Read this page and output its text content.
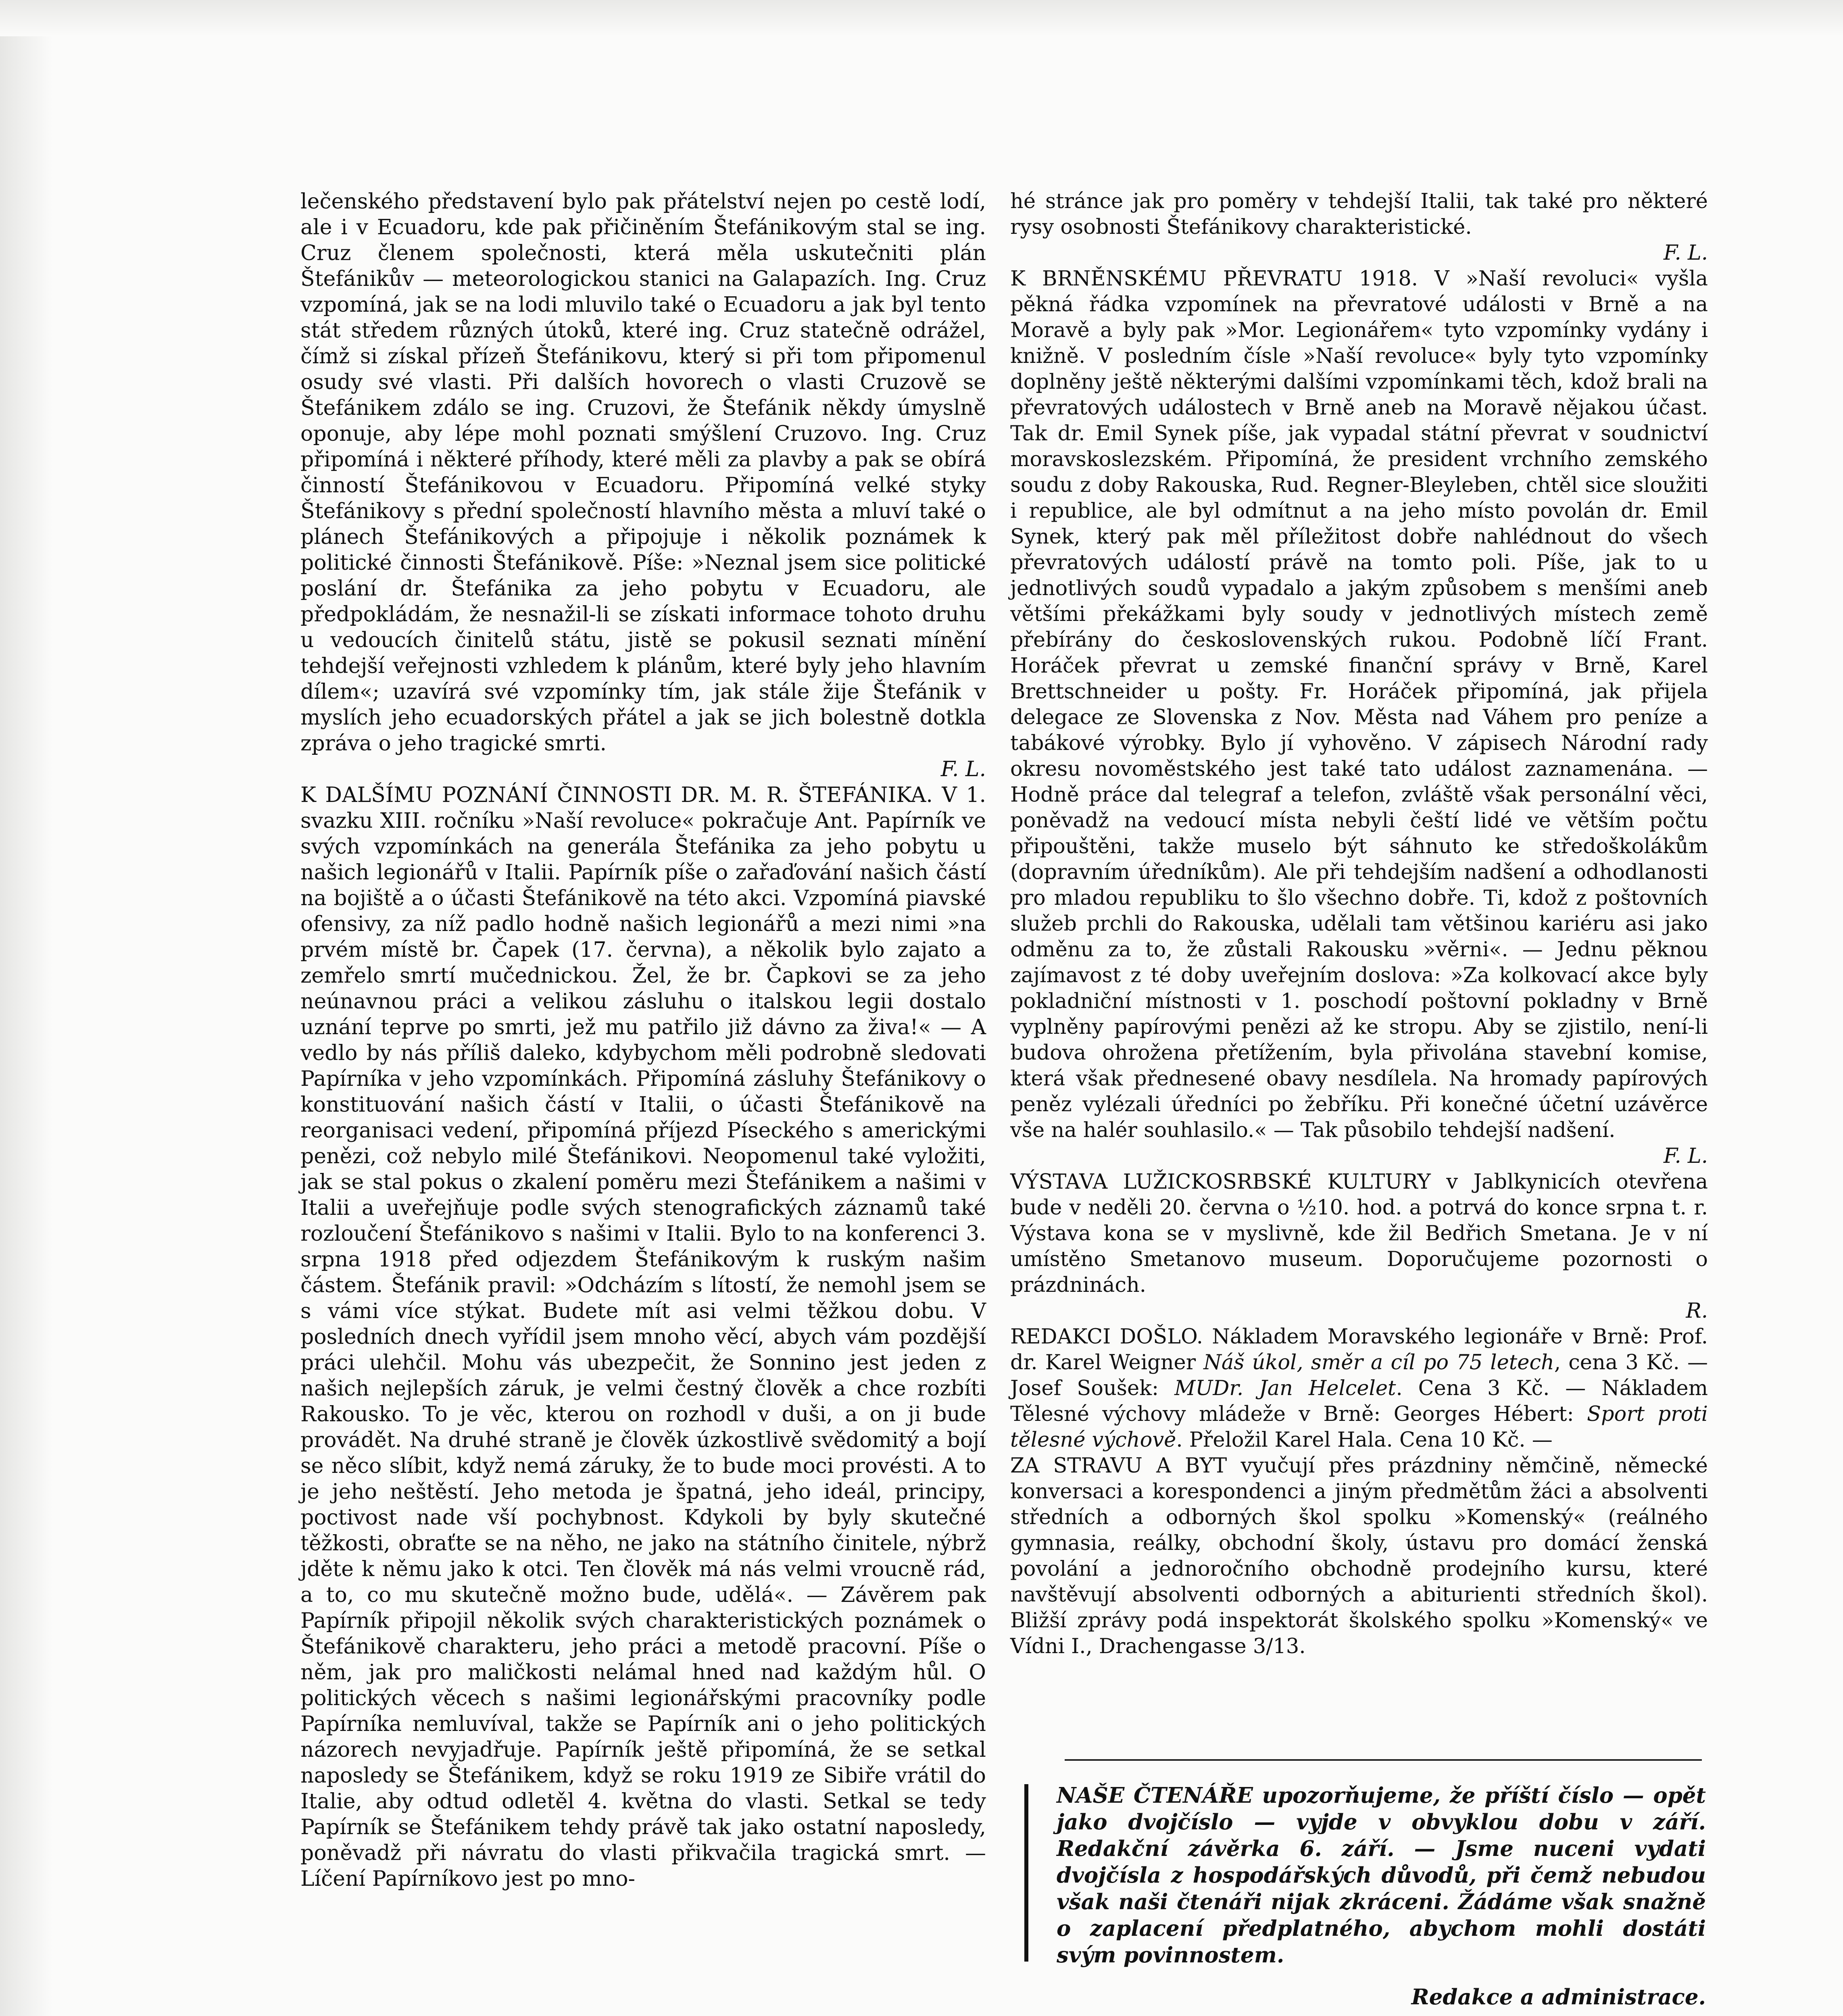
lečenského představení bylo pak přátelství nejen po cestě lodí, ale i v Ecuadoru, kde pak přičiněním Štefánikovým stal se ing. Cruz členem společnosti, která měla uskutečniti plán Štefánikův — meteorologickou stanici na Galapazích. Ing. Cruz vzpomíná, jak se na lodi mluvilo také o Ecuadoru a jak byl tento stát středem různých útoků, které ing. Cruz statečně odrážel, čímž si získal přízeň Štefánikovu, který si při tom připomenul osudy své vlasti. Při dalších hovorech o vlasti Cruzově se Štefánikem zdálo se ing. Cruzovi, že Štefánik někdy úmyslně oponuje, aby lépe mohl poznati smýšlení Cruzovo. Ing. Cruz připomíná i některé příhody, které měli za plavby a pak se obírá činností Štefánikovou v Ecuadoru. Připomíná velké styky Štefánikovy s přední společností hlavního města a mluví také o plánech Štefánikových a připojuje i několik poznámek k politické činnosti Štefánikově. Píše: »Neznal jsem sice politické poslání dr. Štefánika za jeho pobytu v Ecuadoru, ale předpokládám, že nesnažil-li se získati informace tohoto druhu u vedoucích činitelů státu, jistě se pokusil seznati mínění tehdejší veřejnosti vzhledem k plánům, které byly jeho hlavním dílem«; uzavírá své vzpomínky tím, jak stále žije Štefánik v myslích jeho ecuadorských přátel a jak se jich bolestně dotkla zpráva o jeho tragické smrti.
F. L.

K DALŠÍMU POZNÁNÍ ČINNOSTI DR. M. R. ŠTEFÁNIKA. V 1. svazku XIII. ročníku »Naší revoluce« pokračuje Ant. Papírník ve svých vzpomínkách na generála Štefánika za jeho pobytu u našich legionářů v Italii. Papírník píše o zařaďování našich částí na bojiště a o účasti Štefánikově na této akci. Vzpomíná piavské ofensivy, za níž padlo hodně našich legionářů a mezi nimi »na prvém místě br. Čapek (17. června), a několik bylo zajato a zemřelo smrtí mučednickou. Žel, že br. Čapkovi se za jeho neúnavnou práci a velikou zásluhu o italskou legii dostalo uznání teprve po smrti, jež mu patřilo již dávno za živa!« — A vedlo by nás příliš daleko, kdybychom měli podrobně sledovati Papírníka v jeho vzpomínkách. Připomíná zásluhy Štefánikovy o konstituování našich částí v Italii, o účasti Štefánikově na reorganisaci vedení, připomíná příjezd Píseckého s americkými penězi, což nebylo milé Štefánikovi. Neopomenul také vyložiti, jak se stal pokus o zkalení poměru mezi Štefánikem a našimi v Italii a uveřejňuje podle svých stenografických záznamů také rozloučení Štefánikovo s našimi v Italii. Bylo to na konferenci 3. srpna 1918 před odjezdem Štefánikovým k ruským našim částem. Štefánik pravil: »Odcházím s lítostí, že nemohl jsem se s vámi více stýkat. Budete mít asi velmi těžkou dobu. V posledních dnech vyřídil jsem mnoho věcí, abych vám pozdější práci ulehčil. Mohu vás ubezpečit, že Sonnino jest jeden z našich nejlepších záruk, je velmi čestný člověk a chce rozbíti Rakousko. To je věc, kterou on rozhodl v duši, a on ji bude provádět. Na druhé straně je člověk úzkostlivě svědomitý a bojí se něco slíbit, když nemá záruky, že to bude moci provésti. A to je jeho neštěstí. Jeho metoda je špatná, jeho ideál, principy, poctivost nade vší pochybnost. Kdykoli by byly skutečné těžkosti, obraťte se na něho, ne jako na státního činitele, nýbrž jděte k němu jako k otci. Ten člověk má nás velmi vroucně rád, a to, co mu skutečně možno bude, udělá«. — Závěrem pak Papírník připojil několik svých charakteristických poznámek o Štefánikově charakteru, jeho práci a metodě pracovní. Píše o něm, jak pro maličkosti nelámal hned nad každým hůl. O politických věcech s našimi legionářskými pracovníky podle Papírníka nemluvíval, takže se Papírník ani o jeho politických názorech nevyjadřuje. Papírník ještě připomíná, že se setkal naposledy se Štefánikem, když se roku 1919 ze Sibiře vrátil do Italie, aby odtud odletěl 4. května do vlasti. Setkal se tedy Papírník se Štefánikem tehdy právě tak jako ostatní naposledy, poněvadž při návratu do vlasti přikvačila tragická smrt. — Líčení Papírníkovo jest po mno-

hé stránce jak pro poměry v tehdejší Italii, tak také pro některé rysy osobnosti Štefánikovy charakteristické.
F. L.

K BRNĚNSKÉMU PŘEVRATU 1918. V »Naší revoluci« vyšla pěkná řádka vzpomínek na převratové události v Brně a na Moravě a byly pak »Mor. Legionářem« tyto vzpomínky vydány i knižně. V posledním čísle »Naší revoluce« byly tyto vzpomínky doplněny ještě některými dalšími vzpomínkami těch, kdož brali na převratových událostech v Brně aneb na Moravě nějakou účast. Tak dr. Emil Synek píše, jak vypadal státní převrat v soudnictví moravskoslezském. Připomíná, že president vrchního zemského soudu z doby Rakouska, Rud. Regner-Bleyleben, chtěl sice sloužiti i republice, ale byl odmítnut a na jeho místo povolán dr. Emil Synek, který pak měl příležitost dobře nahlédnout do všech převratových událostí právě na tomto poli. Píše, jak to u jednotlivých soudů vypadalo a jakým způsobem s menšími aneb většími překážkami byly soudy v jednotlivých místech země přebírány do československých rukou. Podobně líčí Frant. Horáček převrat u zemské finanční správy v Brně, Karel Brettschneider u pošty. Fr. Horáček připomíná, jak přijela delegace ze Slovenska z Nov. Města nad Váhem pro peníze a tabákové výrobky. Bylo jí vyhověno. V zápisech Národní rady okresu novoměstského jest také tato událost zaznamenána. — Hodně práce dal telegraf a telefon, zvláště však personální věci, poněvadž na vedoucí místa nebyli čeští lidé ve větším počtu připouštěni, takže muselo být sáhnuto ke středoškolákům (dopravním úředníkům). Ale při tehdejším nadšení a odhodlanosti pro mladou republiku to šlo všechno dobře. Ti, kdož z poštovních služeb prchli do Rakouska, udělali tam většinou kariéru asi jako odměnu za to, že zůstali Rakousku »věrni«. — Jednu pěknou zajímavost z té doby uveřejním doslova: »Za kolkovací akce byly pokladniční místnosti v 1. poschodí poštovní pokladny v Brně vyplněny papírovými penězi až ke stropu. Aby se zjistilo, není-li budova ohrožena přetížením, byla přivolána stavební komise, která však přednesené obavy nesdílela. Na hromady papírových peněz vylézali úředníci po žebříku. Při konečné účetní uzávěrce vše na halér souhlasilo.« — Tak působilo tehdejší nadšení.
F. L.

VÝSTAVA LUŽICKOSRBSKÉ KULTURY v Jablkynicích otevřena bude v neděli 20. června o ½10. hod. a potrvá do konce srpna t. r. Výstava kona se v myslivně, kde žil Bedřich Smetana. Je v ní umístěno Smetanovo museum. Doporučujeme pozornosti o prázdninách.
R.

REDAKCI DOŠLO. Nákladem Moravského legionáře v Brně: Prof. dr. Karel Weigner Náš úkol, směr a cíl po 75 letech, cena 3 Kč. — Josef Soušek: MUDr. Jan Helcelet. Cena 3 Kč. — Nákladem Tělesné výchovy mládeže v Brně: Georges Hébert: Sport proti tělesné výchově. Přeložil Karel Hala. Cena 10 Kč. —

ZA STRAVU A BYT vyučují přes prázdniny němčině, německé konversaci a korespondenci a jiným předmětům žáci a absolventi středních a odborných škol spolku »Komenský« (reálného gymnasia, reálky, obchodní školy, ústavu pro domácí ženská povolání a jednoročního obchodně prodejního kursu, které navštěvují absolventi odborných a abiturienti středních škol). Bližší zprávy podá inspektorát školského spolku »Komenský« ve Vídni I., Drachengasse 3/13.

NAŠE ČTENÁŘE upozorňujeme, že příští číslo — opět jako dvojčíslo — vyjde v obvyklou dobu v září. Redakční závěrka 6. září. — Jsme nuceni vydati dvojčísla z hospodářských důvodů, při čemž nebudou však naši čtenáři nijak zkráceni. Žádáme však snažně o zaplacení předplatného, abychom mohli dostáti svým povinnostem.
Redakce a administrace.
